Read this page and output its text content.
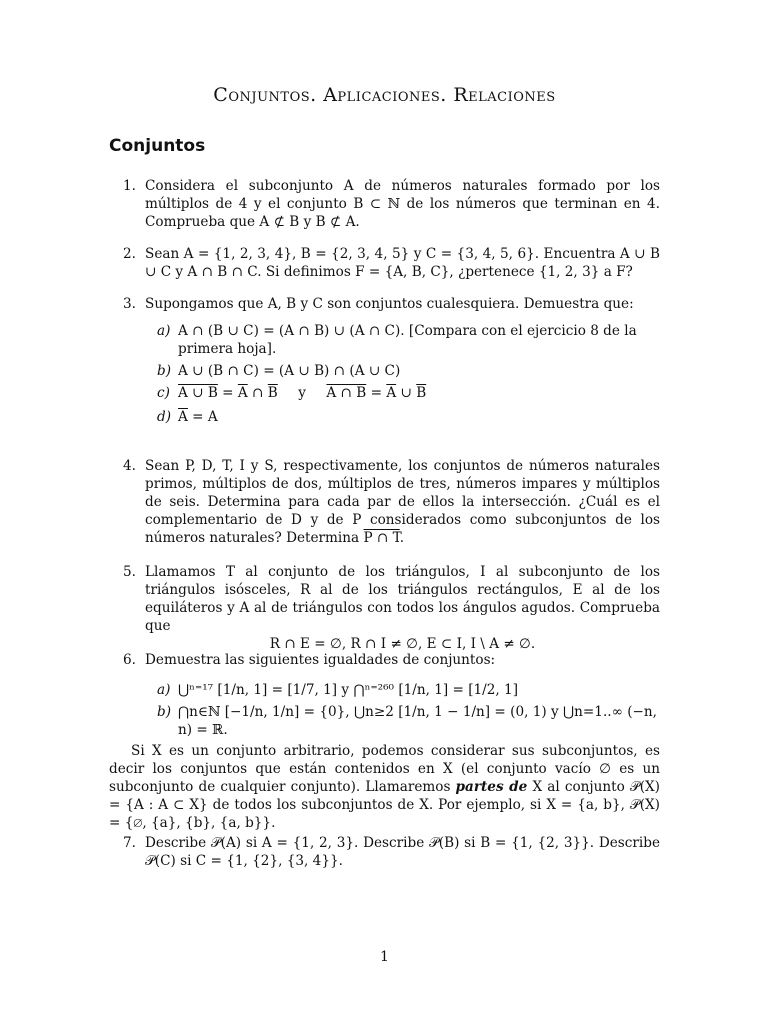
Conjuntos. Aplicaciones. Relaciones
Conjuntos
1. Considera el subconjunto A de números naturales formado por los múltiplos de 4 y el conjunto B ⊂ ℕ de los números que terminan en 4. Comprueba que A ⊄ B y B ⊄ A.
2. Sean A = {1, 2, 3, 4}, B = {2, 3, 4, 5} y C = {3, 4, 5, 6}. Encuentra A ∪ B ∪ C y A ∩ B ∩ C. Si definimos F = {A, B, C}, ¿pertenece {1, 2, 3} a F?
3. Supongamos que A, B y C son conjuntos cualesquiera. Demuestra que:
a) A ∩ (B ∪ C) = (A ∩ B) ∪ (A ∩ C). [Compara con el ejercicio 8 de la primera hoja].
b) A ∪ (B ∩ C) = (A ∪ B) ∩ (A ∪ C)
c) A ∪ $B = \overline{A}$ ∩ $\overline{B}$ y A ∩ $B = \overline{A}$ ∪ $\overline{B}$
d) A = A
4. Sean P, D, T, I y S, respectivamente, los conjuntos de números naturales primos, múltiplos de dos, múltiplos de tres, números impares y múltiplos de seis. Determina para cada par de ellos la intersección. ¿Cuál es el complementario de D y de P considerados como subconjuntos de los números naturales? Determina P ∩ T.
5. Llamamos T al conjunto de los triángulos, I al subconjunto de los triángulos isósceles, R al de los triángulos rectángulos, E al de los equiláteros y A al de triángulos con todos los ángulos agudos. Comprueba que
R ∩ E = ∅, R ∩ I ≠ ∅, E ⊂ I, I \ A ≠ ∅.
6. Demuestra las siguientes igualdades de conjuntos:
a) ⋃ⁿ⁼¹⁷ [1/n, 1] = [1/7, 1] y ⋂ⁿ⁼²⁶⁰ [1/n, 1] = [1/2, 1]
b) ⋂n∈ℕ [−1/n, 1/n] = {0}, ⋃n≥2 [1/n, 1 − 1/n] = (0, 1) y ⋃n=1..∞ (−n, n) = ℝ.
Si X es un conjunto arbitrario, podemos considerar sus subconjuntos, es decir los conjuntos que están contenidos en X (el conjunto vacío ∅ es un subconjunto de cualquier conjunto). Llamaremos partes de X al conjunto 𝒫(X) = {A : A ⊂ X} de todos los subconjuntos de X. Por ejemplo, si X = {a, b}, 𝒫(X) = {∅, {a}, {b}, {a, b}}.
7. Describe 𝒫(A) si A = {1, 2, 3}. Describe 𝒫(B) si B = {1, {2, 3}}. Describe 𝒫(C) si C = {1, {2}, {3, 4}}.
1
